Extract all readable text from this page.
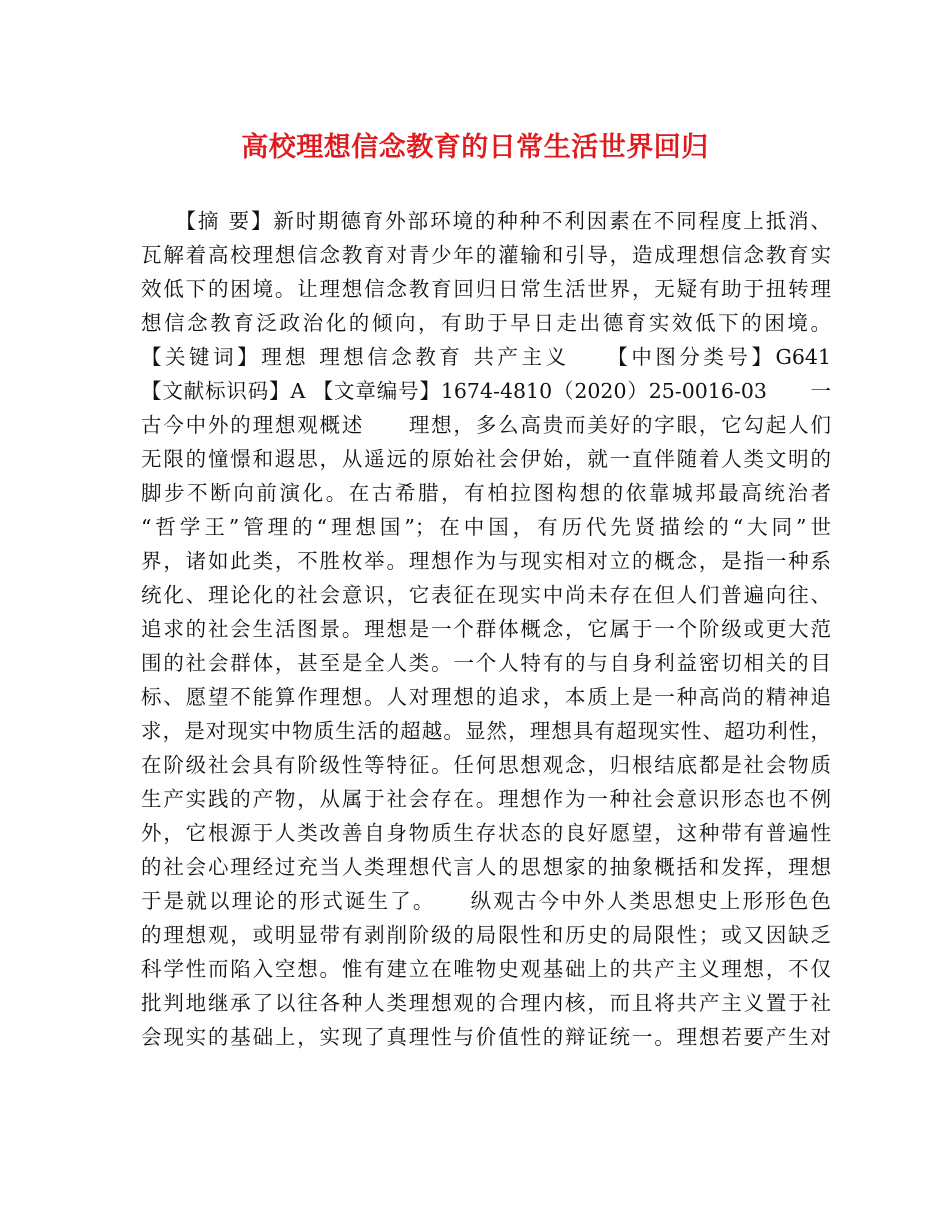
高校理想信念教育的日常生活世界回归
　　【摘 要】新时期德育外部环境的种种不利因素在不同程度上抵消、
瓦解着高校理想信念教育对青少年的灌输和引导，造成理想信念教育实
效低下的困境。让理想信念教育回归日常生活世界，无疑有助于扭转理
想信念教育泛政治化的倾向，有助于早日走出德育实效低下的困境。
【关键词】理想 理想信念教育 共产主义　　【中图分类号】G641
【文献标识码】A 【文章编号】1674-4810（2020）25-0016-03　　一
古今中外的理想观概述　　理想，多么高贵而美好的字眼，它勾起人们
无限的憧憬和遐思，从遥远的原始社会伊始，就一直伴随着人类文明的
脚步不断向前演化。在古希腊，有柏拉图构想的依靠城邦最高统治者
“哲学王”管理的“理想国”；在中国，有历代先贤描绘的“大同”世
界，诸如此类，不胜枚举。理想作为与现实相对立的概念，是指一种系
统化、理论化的社会意识，它表征在现实中尚未存在但人们普遍向往、
追求的社会生活图景。理想是一个群体概念，它属于一个阶级或更大范
围的社会群体，甚至是全人类。一个人特有的与自身利益密切相关的目
标、愿望不能算作理想。人对理想的追求，本质上是一种高尚的精神追
求，是对现实中物质生活的超越。显然，理想具有超现实性、超功利性，
在阶级社会具有阶级性等特征。任何思想观念，归根结底都是社会物质
生产实践的产物，从属于社会存在。理想作为一种社会意识形态也不例
外，它根源于人类改善自身物质生存状态的良好愿望，这种带有普遍性
的社会心理经过充当人类理想代言人的思想家的抽象概括和发挥，理想
于是就以理论的形式诞生了。　　纵观古今中外人类思想史上形形色色
的理想观，或明显带有剥削阶级的局限性和历史的局限性；或又因缺乏
科学性而陷入空想。惟有建立在唯物史观基础上的共产主义理想，不仅
批判地继承了以往各种人类理想观的合理内核，而且将共产主义置于社
会现实的基础上，实现了真理性与价值性的辩证统一。理想若要产生对
